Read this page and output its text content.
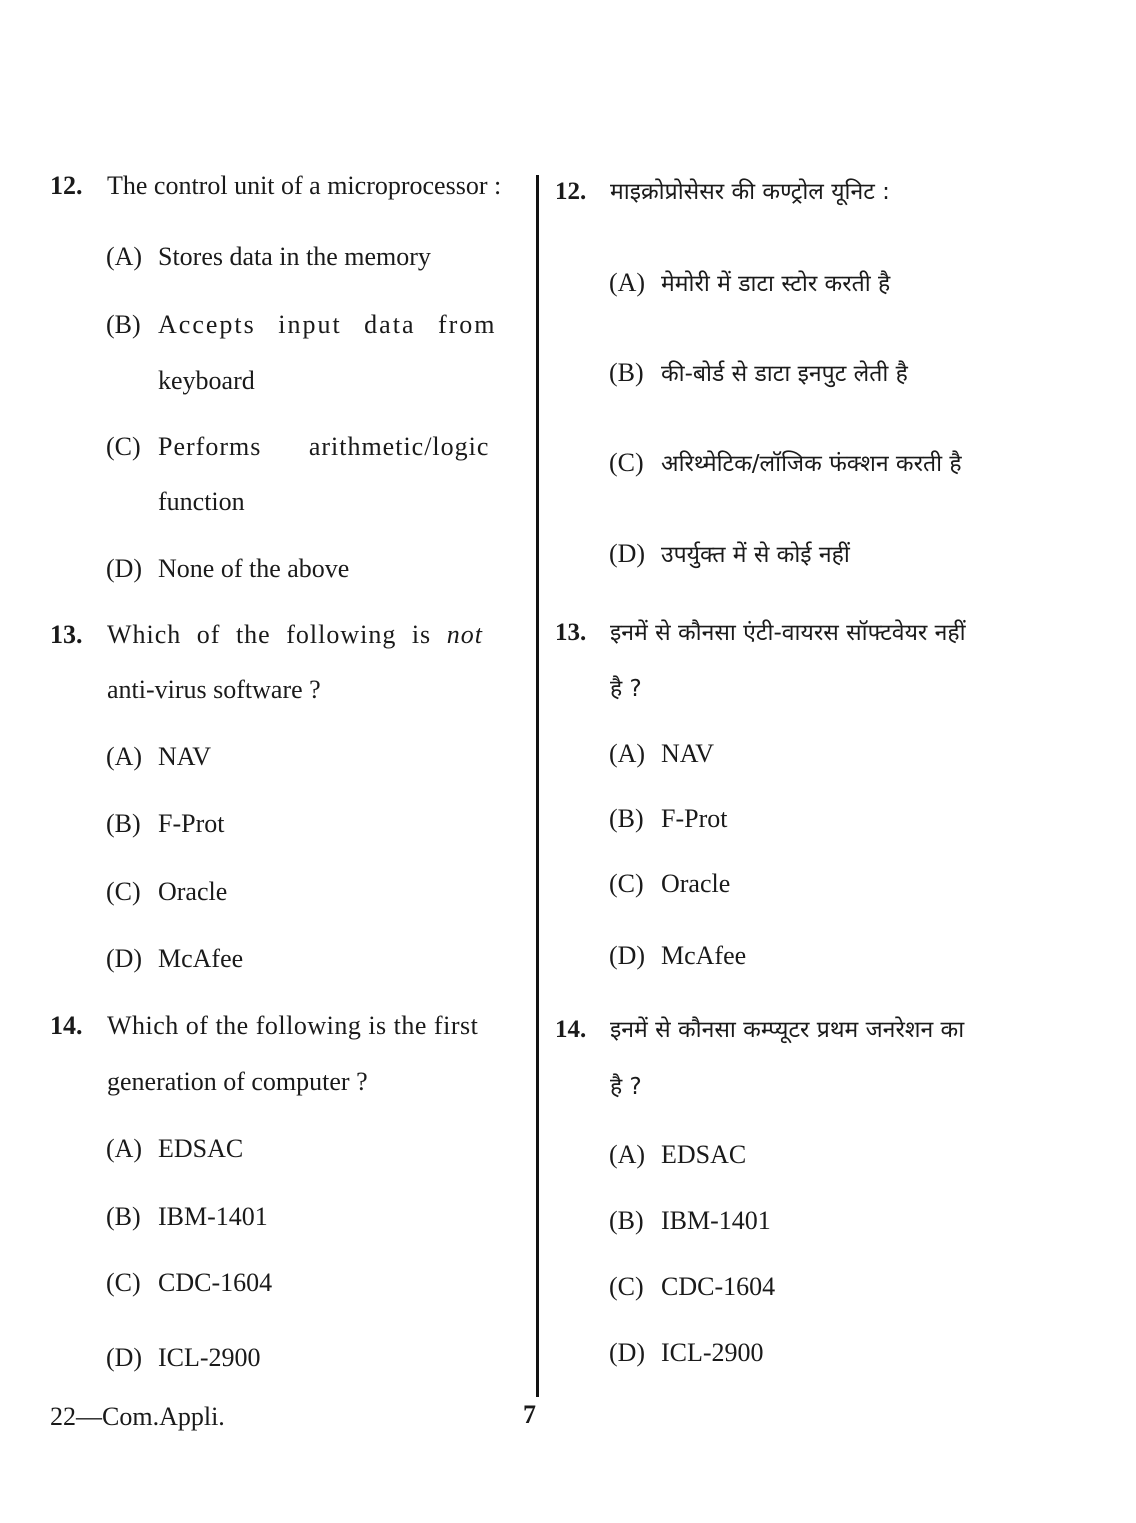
12. The control unit of a microprocessor :
(A) Stores data in the memory
(B) Accepts input data from
keyboard
(C) Performs arithmetic/logic
function
(D) None of the above
13. Which of the following is not
anti-virus software ?
(A) NAV
(B) F-Prot
(C) Oracle
(D) McAfee
14. Which of the following is the first
generation of computer ?
(A) EDSAC
(B) IBM-1401
(C) CDC-1604
(D) ICL-2900
12. माइक्रोप्रोसेसर की कण्ट्रोल यूनिट :
(A) मेमोरी में डाटा स्टोर करती है
(B) की-बोर्ड से डाटा इनपुट लेती है
(C) अरिथ्मेटिक/लॉजिक फंक्शन करती है
(D) उपर्युक्त में से कोई नहीं
13. इनमें से कौनसा एंटी-वायरस सॉफ्टवेयर नहीं
है ?
(A) NAV
(B) F-Prot
(C) Oracle
(D) McAfee
14. इनमें से कौनसा कम्प्यूटर प्रथम जनरेशन का
है ?
(A) EDSAC
(B) IBM-1401
(C) CDC-1604
(D) ICL-2900
22—Com.Appli.	7
